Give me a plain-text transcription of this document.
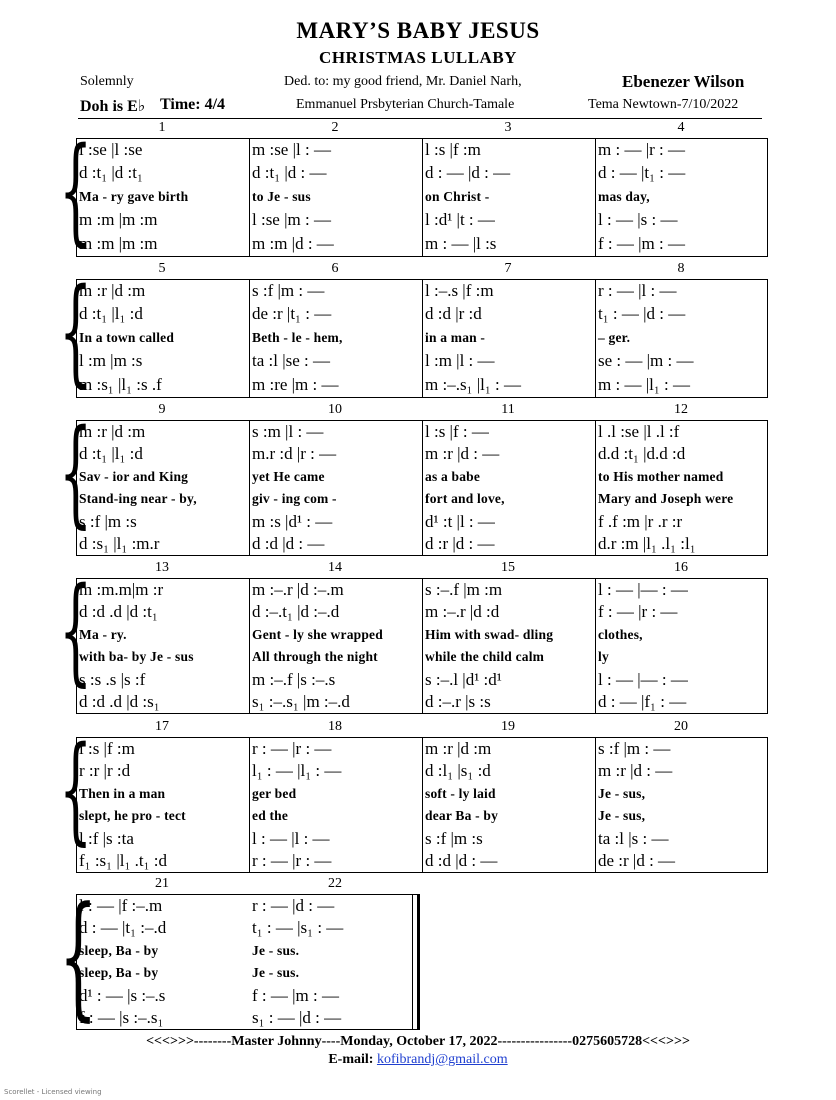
MARY’S BABY JESUS
CHRISTMAS LULLABY
Solemnly	Ded. to: my good friend, Mr. Daniel Narh,	Ebenezer Wilson
Doh is E♭ Time: 4/4	Emmanuel Prsbyterian Church-Tamale	Tema Newtown-7/10/2022
{	1	2	3	4
l :se |l :se	m :se |l : —	l :s |f :m	m : — |r : —
d :t₁ |d :t₁	d :t₁ |d : —	d : — |d : —	d : — |t₁ : —
Ma - ry gave birth	to Je - sus	on Christ -	mas day,
m :m |m :m	l :se |m : —	l :d¹ |t : —	l : — |s : —
m :m |m :m	m :m |d : —	m : — |l :s	f : — |m : —
{	5	6	7	8
m :r |d :m	s :f |m : —	l :–.s |f :m	r : — |l : —
d :t₁ |l₁ :d	de :r |t₁ : —	d :d |r :d	t₁ : — |d : —
In a town called	Beth - le - hem,	in a man -	– ger.
l :m |m :s	ta :l |se : —	l :m |l : —	se : — |m : —
m :s₁ |l₁ :s .f	m :re |m : —	m :–.s₁ |l₁ : —	m : — |l₁ : —
{	9	10	11	12
m :r |d :m	s :m |l : —	l :s |f : —	l .l :se |l .l :f
d :t₁ |l₁ :d	m.r :d |r : —	m :r |d : —	d.d :t₁ |d.d :d
Sav - ior and King	yet He came	as a babe	to His mother named
Stand-ing near - by,	giv - ing com -	fort and love,	Mary and Joseph were
s :f |m :s	m :s |d¹ : —	d¹ :t |l : —	f .f :m |r .r :r
d :s₁ |l₁ :m.r	d :d |d : —	d :r |d : —	d.r :m |l₁ .l₁ :l₁
{	13	14	15	16
m :m.m|m :r	m :–.r |d :–.m	s :–.f |m :m	l : — |— : —
d :d .d |d :t₁	d :–.t₁ |d :–.d	m :–.r |d :d	f : — |r : —
Ma - ry.	Gent - ly she wrapped	Him with swad- dling	clothes,
with ba- by Je - sus	All through the night	while the child calm	ly
s :s .s |s :f	m :–.f |s :–.s	s :–.l |d¹ :d¹	l : — |— : —
d :d .d |d :s₁	s₁ :–.s₁ |m :–.d	d :–.r |s :s	d : — |f₁ : —
{	17	18	19	20
l :s |f :m	r : — |r : —	m :r |d :m	s :f |m : —
r :r |r :d	l₁ : — |l₁ : —	d :l₁ |s₁ :d	m :r |d : —
Then in a man	ger bed	soft - ly laid	Je - sus,
slept, he pro - tect	ed the	dear Ba - by	Je - sus,
l :f |s :ta	l : — |l : —	s :f |m :s	ta :l |s : —
f₁ :s₁ |l₁ .t₁ :d	r : — |r : —	d :d |d : —	de :r |d : —
{	21	22
l : — |f :–.m	r : — |d : —
d : — |t₁ :–.d	t₁ : — |s₁ : —
sleep, Ba - by	Je - sus.
sleep, Ba - by	Je - sus.
d¹ : — |s :–.s	f : — |m : —
f : — |s :–.s₁	s₁ : — |d : —
<<<>>>--------Master Johnny----Monday, October 17, 2022----------------0275605728<<<>>>
E-mail: kofibrandj@gmail.com
Scorellet - Licensed viewing
